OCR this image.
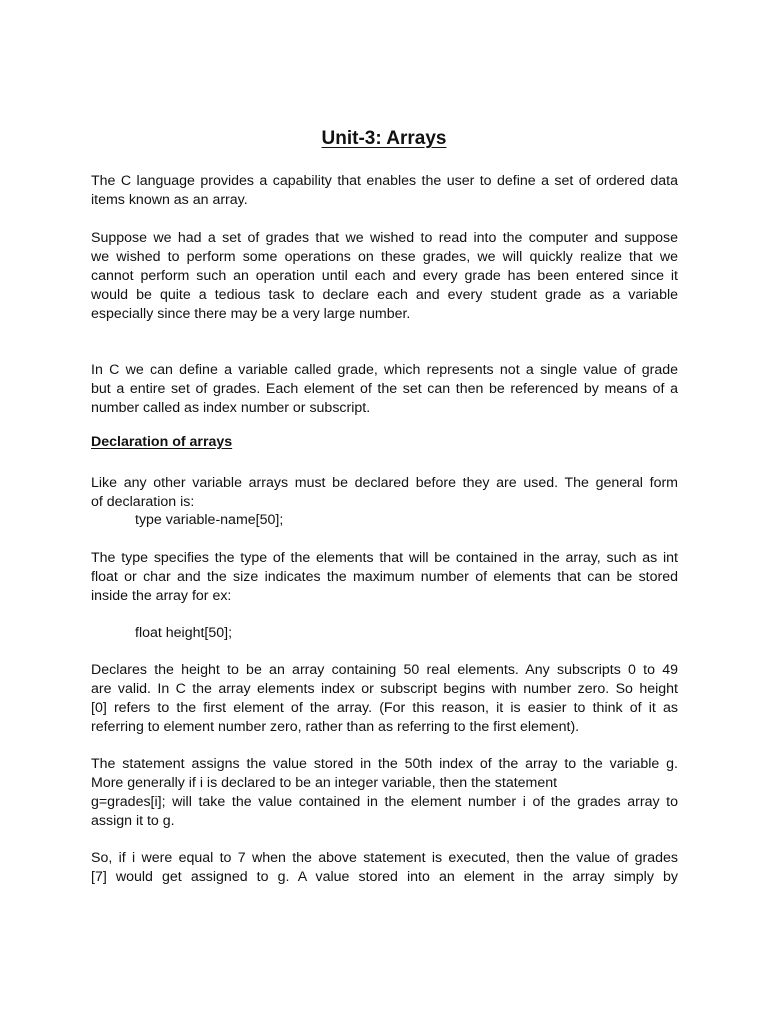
Unit-3: Arrays
The C language provides a capability that enables the user to define a set of ordered data
items known as an array.
Suppose we had a set of grades that we wished to read into the computer and suppose
we wished to perform some operations on these grades, we will quickly realize that we
cannot perform such an operation until each and every grade has been entered since it
would be quite a tedious task to declare each and every student grade as a variable
especially since there may be a very large number.
In C we can define a variable called grade, which represents not a single value of grade
but a entire set of grades. Each element of the set can then be referenced by means of a
number called as index number or subscript.
Declaration of arrays
Like any other variable arrays must be declared before they are used. The general form
of declaration is:
type variable-name[50];
The type specifies the type of the elements that will be contained in the array, such as int
float or char and the size indicates the maximum number of elements that can be stored
inside the array for ex:
float height[50];
Declares the height to be an array containing 50 real elements. Any subscripts 0 to 49
are valid. In C the array elements index or subscript begins with number zero. So height
[0] refers to the first element of the array. (For this reason, it is easier to think of it as
referring to element number zero, rather than as referring to the first element).
The statement assigns the value stored in the 50th index of the array to the variable g.
More generally if i is declared to be an integer variable, then the statement
g=grades[i]; will take the value contained in the element number i of the grades array to
assign it to g.
So, if i were equal to 7 when the above statement is executed, then the value of grades
[7] would get assigned to g. A value stored into an element in the array simply by
